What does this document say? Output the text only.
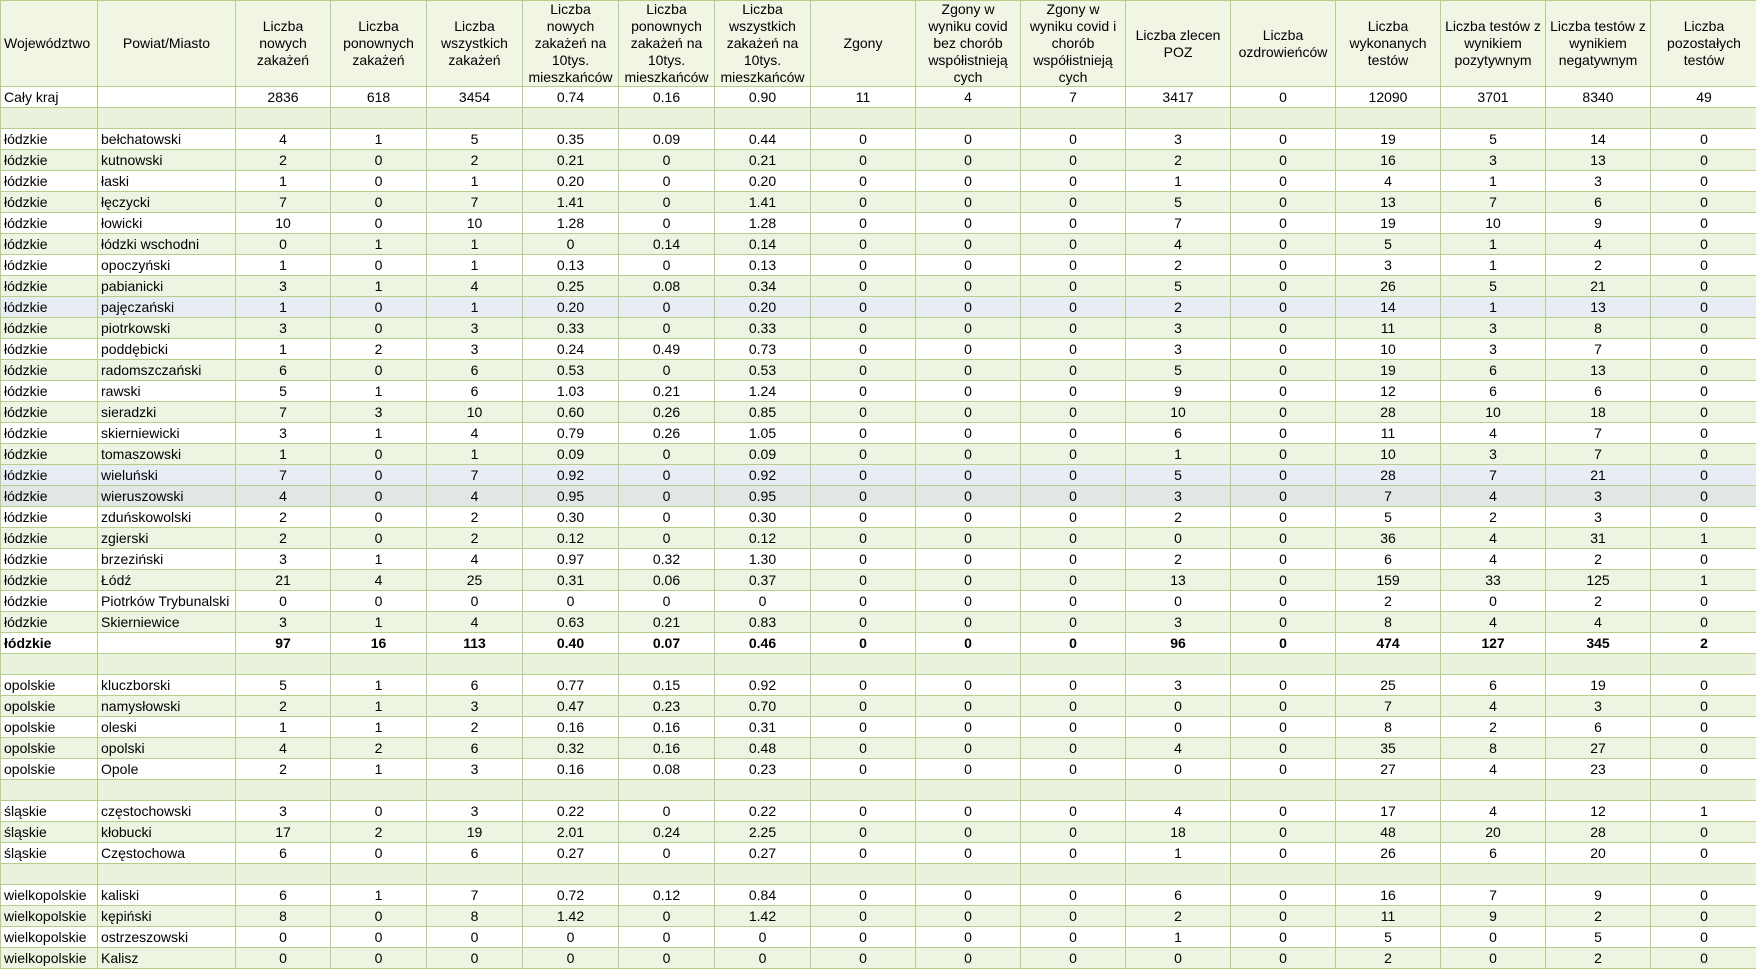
Województwo	Powiat/Miasto	Liczba nowych zakażeń	Liczba ponownych zakażeń	Liczba wszystkich zakażeń	Liczba nowych zakażeń na 10tys. mieszkańców	Liczba ponownych zakażeń na 10tys. mieszkańców	Liczba wszystkich zakażeń na 10tys. mieszkańców	Zgony	Zgony w wyniku covid bez chorób współistnieją cych	Zgony w wyniku covid i chorób współistnieją cych	Liczba zlecen POZ	Liczba ozdrowieńców	Liczba wykonanych testów	Liczba testów z wynikiem pozytywnym	Liczba testów z wynikiem negatywnym	Liczba pozostałych testów
Cały kraj		2836	618	3454	0.74	0.16	0.90	11	4	7	3417	0	12090	3701	8340	49

łódzkie	bełchatowski	4	1	5	0.35	0.09	0.44	0	0	0	3	0	19	5	14	0
łódzkie	kutnowski	2	0	2	0.21	0	0.21	0	0	0	2	0	16	3	13	0
łódzkie	łaski	1	0	1	0.20	0	0.20	0	0	0	1	0	4	1	3	0
łódzkie	łęczycki	7	0	7	1.41	0	1.41	0	0	0	5	0	13	7	6	0
łódzkie	łowicki	10	0	10	1.28	0	1.28	0	0	0	7	0	19	10	9	0
łódzkie	łódzki wschodni	0	1	1	0	0.14	0.14	0	0	0	4	0	5	1	4	0
łódzkie	opoczyński	1	0	1	0.13	0	0.13	0	0	0	2	0	3	1	2	0
łódzkie	pabianicki	3	1	4	0.25	0.08	0.34	0	0	0	5	0	26	5	21	0
łódzkie	pajęczański	1	0	1	0.20	0	0.20	0	0	0	2	0	14	1	13	0
łódzkie	piotrkowski	3	0	3	0.33	0	0.33	0	0	0	3	0	11	3	8	0
łódzkie	poddębicki	1	2	3	0.24	0.49	0.73	0	0	0	3	0	10	3	7	0
łódzkie	radomszczański	6	0	6	0.53	0	0.53	0	0	0	5	0	19	6	13	0
łódzkie	rawski	5	1	6	1.03	0.21	1.24	0	0	0	9	0	12	6	6	0
łódzkie	sieradzki	7	3	10	0.60	0.26	0.85	0	0	0	10	0	28	10	18	0
łódzkie	skierniewicki	3	1	4	0.79	0.26	1.05	0	0	0	6	0	11	4	7	0
łódzkie	tomaszowski	1	0	1	0.09	0	0.09	0	0	0	1	0	10	3	7	0
łódzkie	wieluński	7	0	7	0.92	0	0.92	0	0	0	5	0	28	7	21	0
łódzkie	wieruszowski	4	0	4	0.95	0	0.95	0	0	0	3	0	7	4	3	0
łódzkie	zduńskowolski	2	0	2	0.30	0	0.30	0	0	0	2	0	5	2	3	0
łódzkie	zgierski	2	0	2	0.12	0	0.12	0	0	0	0	0	36	4	31	1
łódzkie	brzeziński	3	1	4	0.97	0.32	1.30	0	0	0	2	0	6	4	2	0
łódzkie	Łódź	21	4	25	0.31	0.06	0.37	0	0	0	13	0	159	33	125	1
łódzkie	Piotrków Trybunalski	0	0	0	0	0	0	0	0	0	0	0	2	0	2	0
łódzkie	Skierniewice	3	1	4	0.63	0.21	0.83	0	0	0	3	0	8	4	4	0
łódzkie		97	16	113	0.40	0.07	0.46	0	0	0	96	0	474	127	345	2

opolskie	kluczborski	5	1	6	0.77	0.15	0.92	0	0	0	3	0	25	6	19	0
opolskie	namysłowski	2	1	3	0.47	0.23	0.70	0	0	0	0	0	7	4	3	0
opolskie	oleski	1	1	2	0.16	0.16	0.31	0	0	0	0	0	8	2	6	0
opolskie	opolski	4	2	6	0.32	0.16	0.48	0	0	0	4	0	35	8	27	0
opolskie	Opole	2	1	3	0.16	0.08	0.23	0	0	0	0	0	27	4	23	0

śląskie	częstochowski	3	0	3	0.22	0	0.22	0	0	0	4	0	17	4	12	1
śląskie	kłobucki	17	2	19	2.01	0.24	2.25	0	0	0	18	0	48	20	28	0
śląskie	Częstochowa	6	0	6	0.27	0	0.27	0	0	0	1	0	26	6	20	0

wielkopolskie	kaliski	6	1	7	0.72	0.12	0.84	0	0	0	6	0	16	7	9	0
wielkopolskie	kępiński	8	0	8	1.42	0	1.42	0	0	0	2	0	11	9	2	0
wielkopolskie	ostrzeszowski	0	0	0	0	0	0	0	0	0	1	0	5	0	5	0
wielkopolskie	Kalisz	0	0	0	0	0	0	0	0	0	0	0	2	0	2	0
